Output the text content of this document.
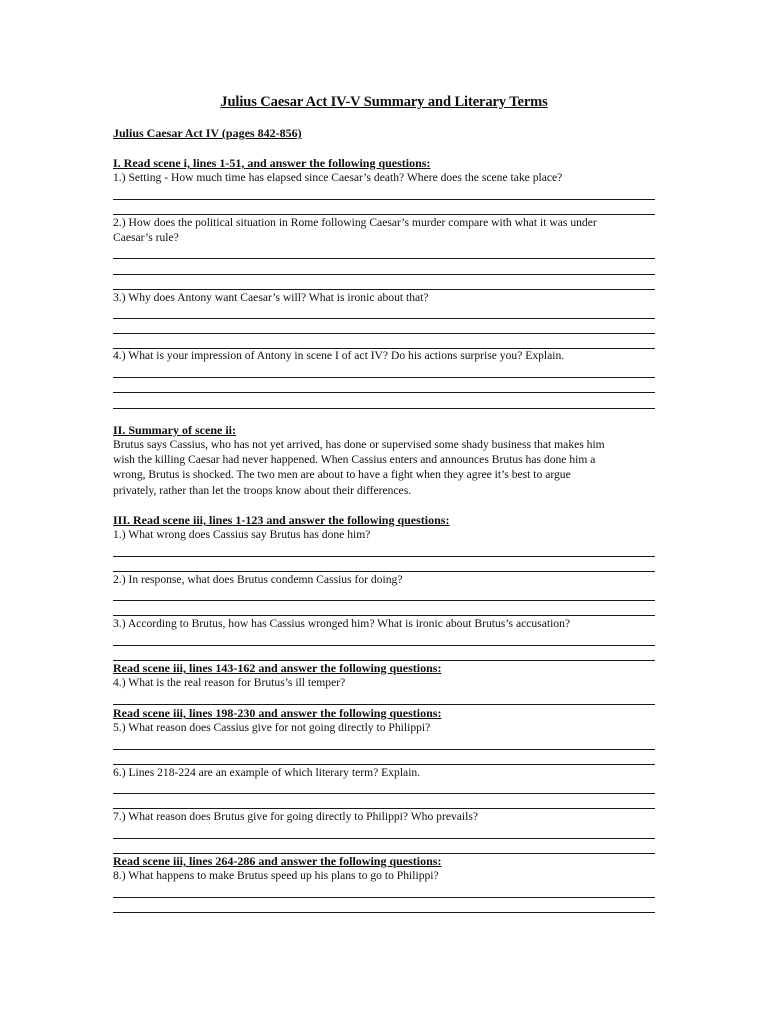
Julius Caesar Act IV-V Summary and Literary Terms
Julius Caesar Act IV (pages 842-856)
I. Read scene i, lines 1-51, and answer the following questions:
1.) Setting - How much time has elapsed since Caesar’s death? Where does the scene take place?
2.) How does the political situation in Rome following Caesar’s murder compare with what it was under
Caesar’s rule?
3.) Why does Antony want Caesar’s will? What is ironic about that?
4.) What is your impression of Antony in scene I of act IV? Do his actions surprise you? Explain.
II. Summary of scene ii:
Brutus says Cassius, who has not yet arrived, has done or supervised some shady business that makes him
wish the killing Caesar had never happened. When Cassius enters and announces Brutus has done him a
wrong, Brutus is shocked. The two men are about to have a fight when they agree it’s best to argue
privately, rather than let the troops know about their differences.
III. Read scene iii, lines 1-123 and answer the following questions:
1.) What wrong does Cassius say Brutus has done him?
2.) In response, what does Brutus condemn Cassius for doing?
3.) According to Brutus, how has Cassius wronged him? What is ironic about Brutus’s accusation?
Read scene iii, lines 143-162 and answer the following questions:
4.) What is the real reason for Brutus’s ill temper?
Read scene iii, lines 198-230 and answer the following questions:
5.) What reason does Cassius give for not going directly to Philippi?
6.) Lines 218-224 are an example of which literary term? Explain.
7.) What reason does Brutus give for going directly to Philippi? Who prevails?
Read scene iii, lines 264-286 and answer the following questions:
8.) What happens to make Brutus speed up his plans to go to Philippi?
